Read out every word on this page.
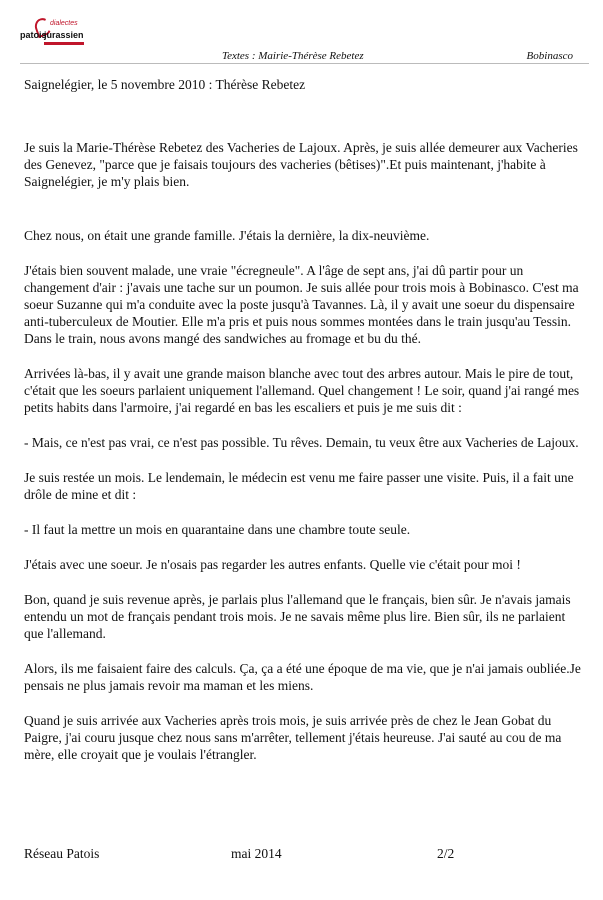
dialectes
patois
jurassien
Textes : Mairie-Thérèse Rebetez	Bobinasco
Saignelégier, le 5 novembre 2010 : Thérèse Rebetez

Je suis la Marie-Thérèse Rebetez des Vacheries de Lajoux. Après, je suis allée demeurer aux Vacheries des Genevez, "parce que je faisais toujours des vacheries (bêtises)".Et puis maintenant, j'habite à Saignelégier, je m'y plais bien.

Chez nous, on était une grande famille. J'étais la dernière, la dix-neuvième.

J'étais bien souvent malade, une vraie "écregneule". A l'âge de sept ans, j'ai dû partir pour un changement d'air : j'avais une tache sur un poumon. Je suis allée pour trois mois à Bobinasco. C'est ma soeur Suzanne qui m'a conduite avec la poste jusqu'à Tavannes. Là, il y avait une soeur du dispensaire anti-tuberculeux de Moutier. Elle m'a pris et puis nous sommes montées dans le train jusqu'au Tessin. Dans le train, nous avons mangé des sandwiches au fromage et bu du thé.

Arrivées là-bas, il y avait une grande maison blanche avec tout des arbres autour. Mais le pire de tout, c'était que les soeurs parlaient uniquement l'allemand. Quel changement ! Le soir, quand j'ai rangé mes petits habits dans l'armoire, j'ai regardé en bas les escaliers et puis je me suis dit :

- Mais, ce n'est pas vrai, ce n'est pas possible. Tu rêves. Demain, tu veux être aux Vacheries de Lajoux.

Je suis restée un mois. Le lendemain, le médecin est venu me faire passer une visite. Puis, il a fait une drôle de mine et dit :

- Il faut la mettre un mois en quarantaine dans une chambre toute seule.

J'étais avec une soeur. Je n'osais pas regarder les autres enfants. Quelle vie c'était pour moi !

Bon, quand je suis revenue après, je parlais plus l'allemand que le français, bien sûr. Je n'avais jamais entendu un mot de français pendant trois mois. Je ne savais même plus lire. Bien sûr, ils ne parlaient que l'allemand.

Alors, ils me faisaient faire des calculs. Ça, ça a été une époque de ma vie, que je n'ai jamais oubliée.Je pensais ne plus jamais revoir ma maman et les miens.

Quand je suis arrivée aux Vacheries après trois mois, je suis arrivée près de chez le Jean Gobat du Paigre, j'ai couru jusque chez nous sans m'arrêter, tellement j'étais heureuse. J'ai sauté au cou de ma mère, elle croyait que je voulais l'étrangler.

Réseau Patois	mai 2014	2/2
